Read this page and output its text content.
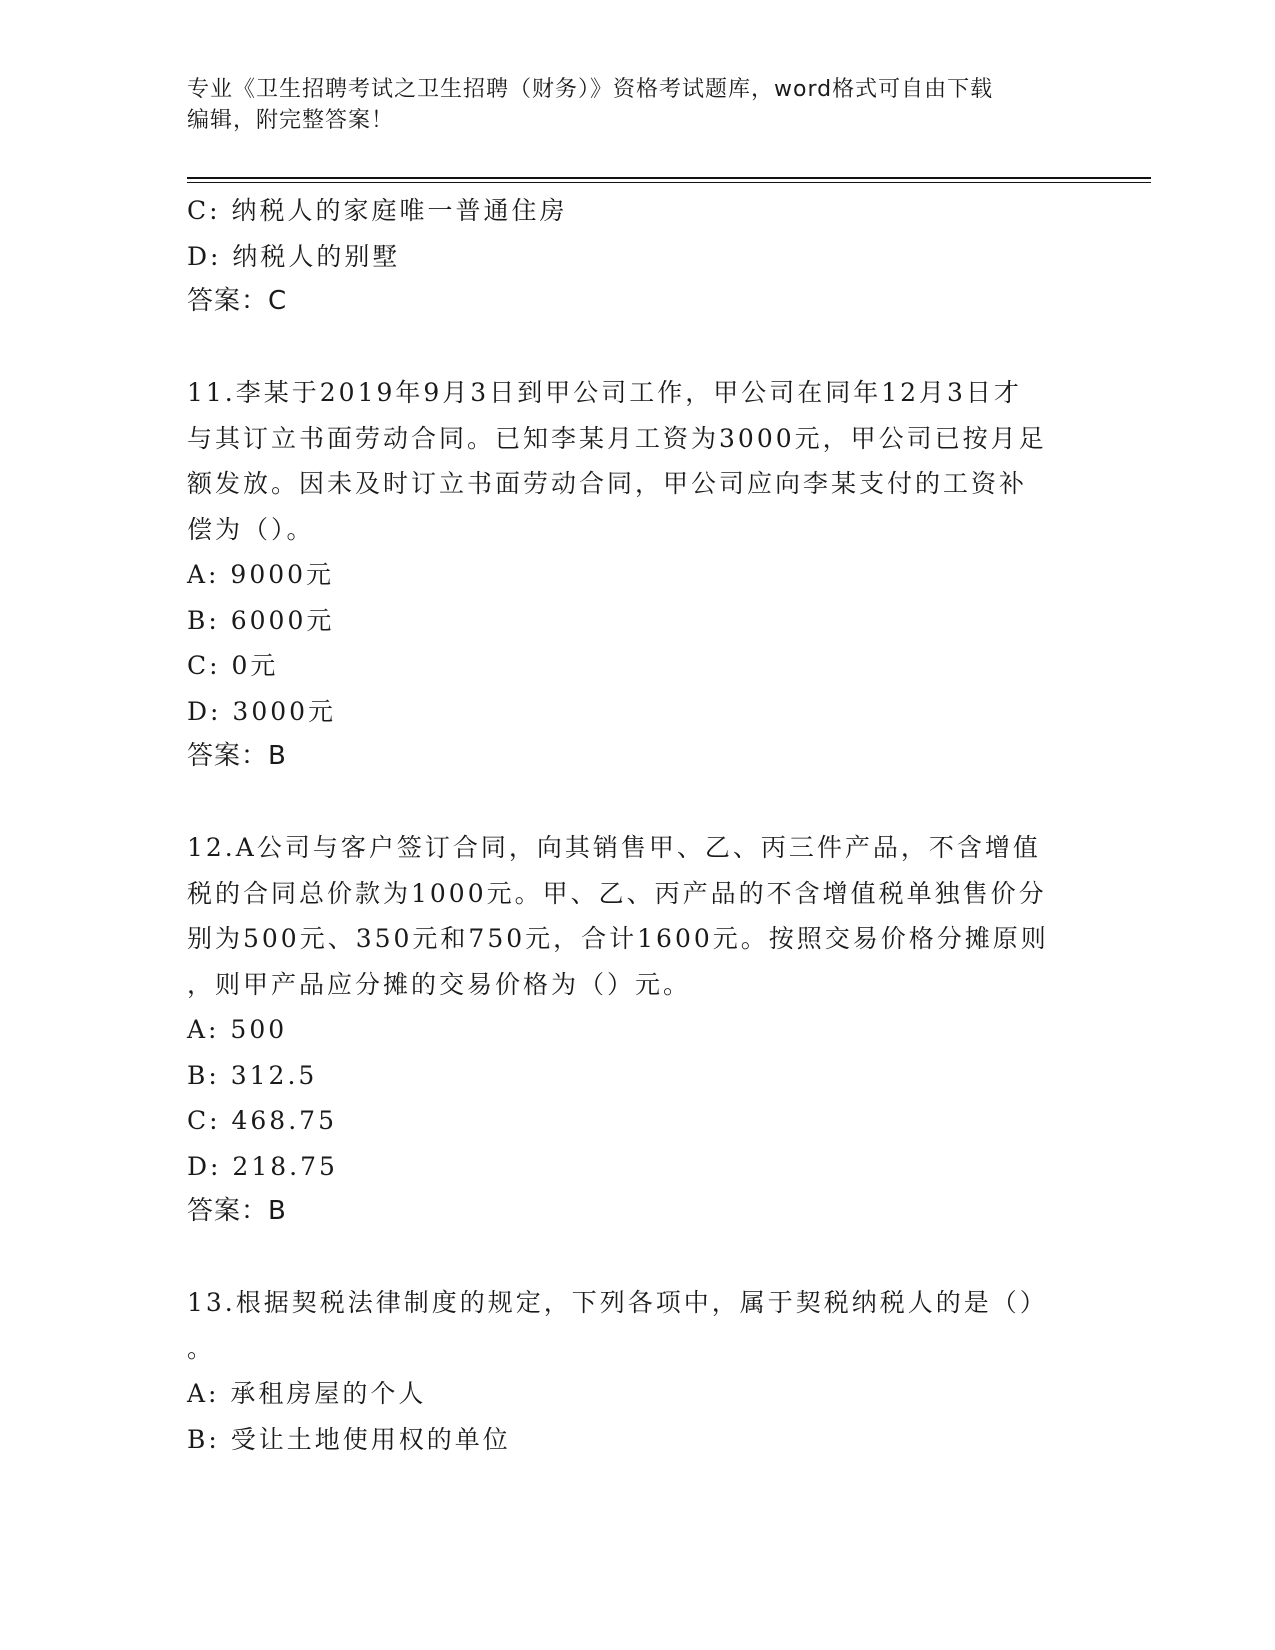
专业《卫生招聘考试之卫生招聘（财务）》资格考试题库，word格式可自由下载
编辑，附完整答案！
C: 纳税人的家庭唯一普通住房
D: 纳税人的别墅
答案：C
11.李某于2019年9月3日到甲公司工作，甲公司在同年12月3日才
与其订立书面劳动合同。已知李某月工资为3000元，甲公司已按月足
额发放。因未及时订立书面劳动合同，甲公司应向李某支付的工资补
偿为（）。
A: 9000元
B: 6000元
C: 0元
D: 3000元
答案：B
12.A公司与客户签订合同，向其销售甲、乙、丙三件产品，不含增值
税的合同总价款为1000元。甲、乙、丙产品的不含增值税单独售价分
别为500元、350元和750元，合计1600元。按照交易价格分摊原则
，则甲产品应分摊的交易价格为（）元。
A: 500
B: 312.5
C: 468.75
D: 218.75
答案：B
13.根据契税法律制度的规定，下列各项中，属于契税纳税人的是（）
。
A: 承租房屋的个人
B: 受让土地使用权的单位
